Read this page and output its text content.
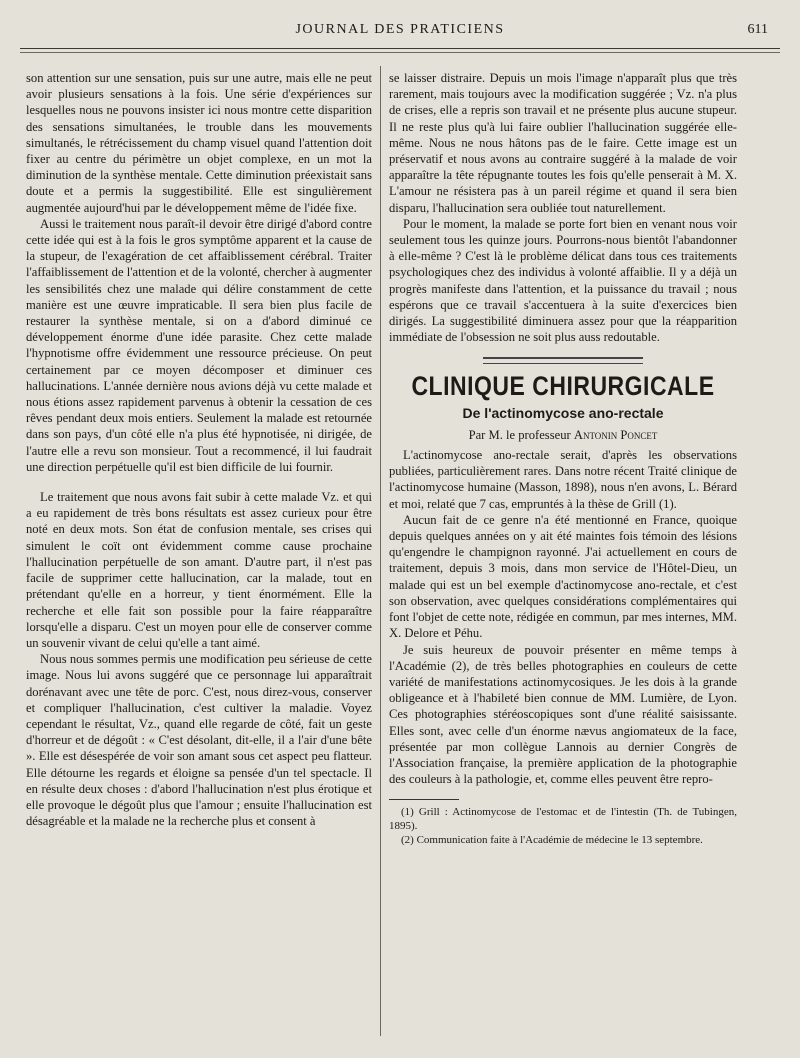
JOURNAL DES PRATICIENS	611

son attention sur une sensation, puis sur une autre, mais elle ne peut avoir plusieurs sensations à la fois. Une série d'expériences sur lesquelles nous ne pouvons insister ici nous montre cette disparition des sensations simultanées, le trouble dans les mouvements simultanés, le rétrécissement du champ visuel quand l'attention doit fixer au centre du périmètre un objet complexe, en un mot la diminution de la synthèse mentale. Cette diminution préexistait sans doute et a permis la suggestibilité. Elle est singulièrement augmentée aujourd'hui par le développement même de l'idée fixe.

Aussi le traitement nous paraît-il devoir être dirigé d'abord contre cette idée qui est à la fois le gros symptôme apparent et la cause de la stupeur, de l'exagération de cet affaiblissement cérébral. Traiter l'affaiblissement de l'attention et de la volonté, chercher à augmenter les sensibilités chez une malade qui délire constamment de cette manière est une œuvre impraticable. Il sera bien plus facile de restaurer la synthèse mentale, si on a d'abord diminué ce développement énorme d'une idée parasite. Chez cette malade l'hypnotisme offre évidemment une ressource précieuse. On peut certainement par ce moyen décomposer et diminuer ces hallucinations. L'année dernière nous avions déjà vu cette malade et nous étions assez rapidement parvenus à obtenir la cessation de ces rêves pendant deux mois entiers. Seulement la malade est retournée dans son pays, d'un côté elle n'a plus été hypnotisée, ni dirigée, de l'autre elle a revu son monsieur. Tout a recommencé, il lui faudrait une direction perpétuelle qu'il est bien difficile de lui fournir.

Le traitement que nous avons fait subir à cette malade Vz. et qui a eu rapidement de très bons résultats est assez curieux pour être noté en deux mots. Son état de confusion mentale, ses crises qui simulent le coït ont évidemment comme cause prochaine l'hallucination perpétuelle de son amant. D'autre part, il n'est pas facile de supprimer cette hallucination, car la malade, tout en prétendant qu'elle en a horreur, y tient énormément. Elle la recherche et elle fait son possible pour la faire réapparaître lorsqu'elle a disparu. C'est un moyen pour elle de conserver comme un souvenir vivant de celui qu'elle a tant aimé.

Nous nous sommes permis une modification peu sérieuse de cette image. Nous lui avons suggéré que ce personnage lui apparaîtrait dorénavant avec une tête de porc. C'est, nous direz-vous, conserver et compliquer l'hallucination, c'est cultiver la maladie. Voyez cependant le résultat, Vz., quand elle regarde de côté, fait un geste d'horreur et de dégoût : « C'est désolant, dit-elle, il a l'air d'une bête ». Elle est désespérée de voir son amant sous cet aspect peu flatteur. Elle détourne les regards et éloigne sa pensée d'un tel spectacle. Il en résulte deux choses : d'abord l'hallucination n'est plus érotique et elle provoque le dégoût plus que l'amour ; ensuite l'hallucination est désagréable et la malade ne la recherche plus et consent à

se laisser distraire. Depuis un mois l'image n'apparaît plus que très rarement, mais toujours avec la modification suggérée ; Vz. n'a plus de crises, elle a repris son travail et ne présente plus aucune stupeur. Il ne reste plus qu'à lui faire oublier l'hallucination suggérée elle-même. Nous ne nous hâtons pas de le faire. Cette image est un préservatif et nous avons au contraire suggéré à la malade de voir apparaître la tête répugnante toutes les fois qu'elle penserait à M. X. L'amour ne résistera pas à un pareil régime et quand il sera bien disparu, l'hallucination sera oubliée tout naturellement.

Pour le moment, la malade se porte fort bien en venant nous voir seulement tous les quinze jours. Pourrons-nous bientôt l'abandonner à elle-même ? C'est là le problème délicat dans tous ces traitements psychologiques chez des individus à volonté affaiblie. Il y a déjà un progrès manifeste dans l'attention, et la puissance du travail ; nous espérons que ce travail s'accentuera à la suite d'exercices bien dirigés. La suggestibilité diminuera assez pour que la réapparition immédiate de l'obsession ne soit plus auss redoutable.

CLINIQUE CHIRURGICALE
De l'actinomycose ano-rectale
Par M. le professeur Antonin Poncet

L'actinomycose ano-rectale serait, d'après les observations publiées, particulièrement rares. Dans notre récent Traité clinique de l'actinomycose humaine (Masson, 1898), nous n'en avons, L. Bérard et moi, relaté que 7 cas, empruntés à la thèse de Grill (1).

Aucun fait de ce genre n'a été mentionné en France, quoique depuis quelques années on y ait été maintes fois témoin des lésions qu'engendre le champignon rayonné. J'ai actuellement en cours de traitement, depuis 3 mois, dans mon service de l'Hôtel-Dieu, un malade qui est un bel exemple d'actinomycose ano-rectale, et c'est son observation, avec quelques considérations complémentaires qui font l'objet de cette note, rédigée en commun, par mes internes, MM. X. Delore et Péhu.

Je suis heureux de pouvoir présenter en même temps à l'Académie (2), de très belles photographies en couleurs de cette variété de manifestations actinomycosiques. Je les dois à la grande obligeance et à l'habileté bien connue de MM. Lumière, de Lyon. Ces photographies stéréoscopiques sont d'une réalité saisissante. Elles sont, avec celle d'un énorme nævus angiomateux de la face, présentée par mon collègue Lannois au dernier Congrès de l'Association française, la première application de la photographie des couleurs à la pathologie, et, comme elles peuvent être repro-

(1) Grill : Actinomycose de l'estomac et de l'intestin (Th. de Tubingen, 1895).

(2) Communication faite à l'Académie de médecine le 13 septembre.
